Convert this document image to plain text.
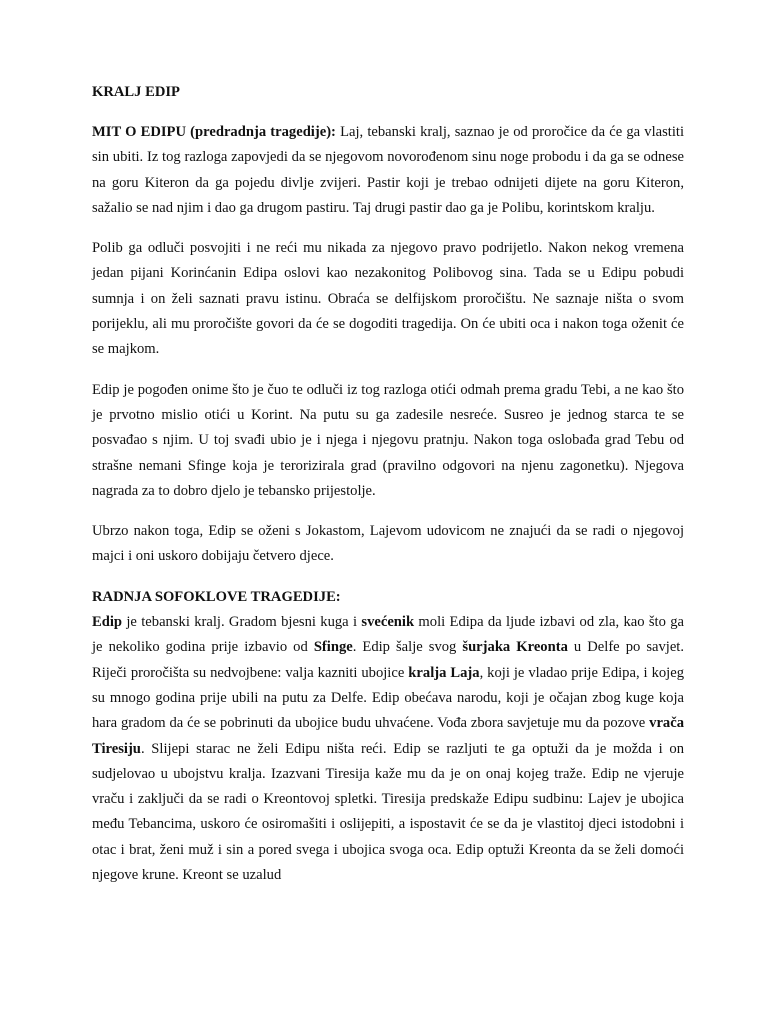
KRALJ EDIP

MIT O EDIPU (predradnja tragedije): Laj, tebanski kralj, saznao je od proročice da će ga vlastiti sin ubiti. Iz tog razloga zapovjedi da se njegovom novorođenom sinu noge probodu i da ga se odnese na goru Kiteron da ga pojedu divlje zvijeri. Pastir koji je trebao odnijeti dijete na goru Kiteron, sažalio se nad njim i dao ga drugom pastiru. Taj drugi pastir dao ga je Polibu, korintskom kralju.

Polib ga odluči posvojiti i ne reći mu nikada za njegovo pravo podrijetlo. Nakon nekog vremena jedan pijani Korinćanin Edipa oslovi kao nezakonitog Polibovog sina. Tada se u Edipu pobudi sumnja i on želi saznati pravu istinu. Obraća se delfijskom proročištu. Ne saznaje ništa o svom porijeklu, ali mu proročište govori da će se dogoditi tragedija. On će ubiti oca i nakon toga oženit će se majkom.

Edip je pogođen onime što je čuo te odluči iz tog razloga otići odmah prema gradu Tebi, a ne kao što je prvotno mislio otići u Korint. Na putu su ga zadesile nesreće. Susreo je jednog starca te se posvađao s njim. U toj svađi ubio je i njega i njegovu pratnju. Nakon toga oslobađa grad Tebu od strašne nemani Sfinge koja je terorizirala grad (pravilno odgovori na njenu zagonetku). Njegova nagrada za to dobro djelo je tebansko prijestolje.

Ubrzo nakon toga, Edip se oženi s Jokastom, Lajevom udovicom ne znajući da se radi o njegovoj majci i oni uskoro dobijaju četvero djece.

RADNJA SOFOKLOVE TRAGEDIJE:

Edip je tebanski kralj. Gradom bjesni kuga i svećenik moli Edipa da ljude izbavi od zla, kao što ga je nekoliko godina prije izbavio od Sfinge. Edip šalje svog šurjaka Kreonta u Delfe po savjet. Riječi proročišta su nedvojbene: valja kazniti ubojice kralja Laja, koji je vladao prije Edipa, i kojeg su mnogo godina prije ubili na putu za Delfe. Edip obećava narodu, koji je očajan zbog kuge koja hara gradom da će se pobrinuti da ubojice budu uhvaćene. Vođa zbora savjetuje mu da pozove vrača Tiresiju. Slijepi starac ne želi Edipu ništa reći. Edip se razljuti te ga optuži da je možda i on sudjelovao u ubojstvu kralja. Izazvani Tiresija kaže mu da je on onaj kojeg traže. Edip ne vjeruje vraču i zaključi da se radi o Kreontovoj spletki. Tiresija predskaže Edipu sudbinu: Lajev je ubojica među Tebancima, uskoro će osiromašiti i oslijepiti, a ispostavit će se da je vlastitoj djeci istodobni i otac i brat, ženi muž i sin a pored svega i ubojica svoga oca. Edip optuži Kreonta da se želi domoći njegove krune. Kreont se uzalud
